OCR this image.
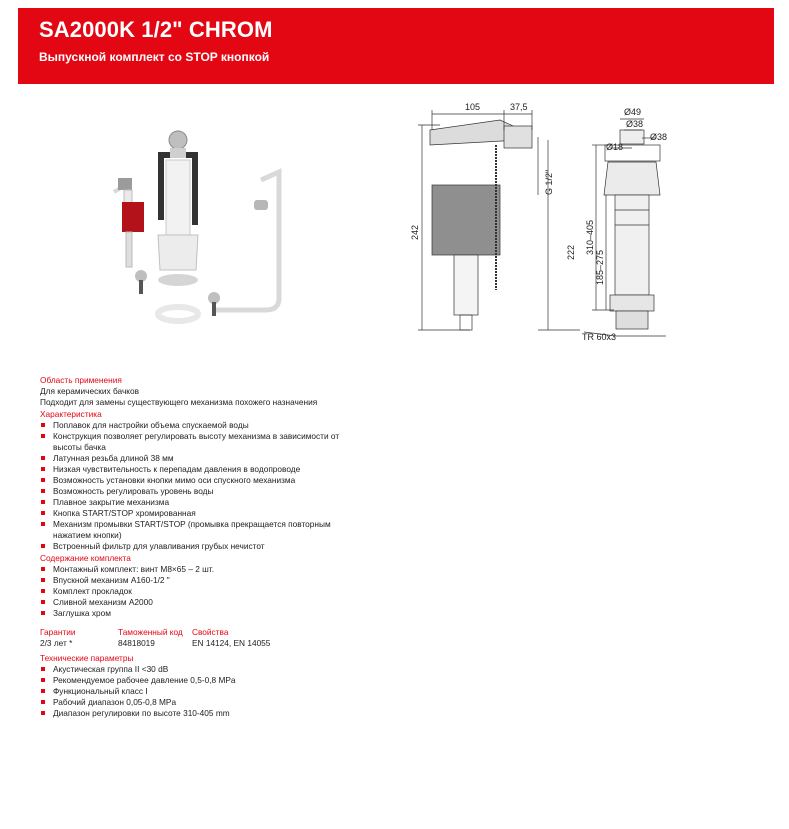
SA2000K 1/2" CHROM
Выпускной комплект со STOP кнопкой
105	37,5
242
G 1/2"
222
Ø49
Ø38
Ø38
Ø18
310–405
185–275
TR 60x3
Область применения
Для керамических бачков
Подходит для замены существующего механизма похожего назначения
Характеристика
Поплавок для настройки объема спускаемой воды
Конструкция позволяет регулировать высоту механизма в зависимости от
высоты бачка
Латунная резьба длиной 38 мм
Низкая чувствительность к перепадам давления в водопроводе
Возможность установки кнопки мимо оси спускного механизма
Возможность регулировать уровень воды
Плавное закрытие механизма
Кнопка START/STOP хромированная
Механизм промывки START/STOP (промывка прекращается повторным
нажатием кнопки)
Встроенный фильтр для улавливания грубых нечистот
Содержание комплекта
Монтажный комплект: винт M8×65 – 2 шт.
Впускной механизм A160-1/2 "
Комплект прокладок
Сливной механизм A2000
Заглушка хром
Гарантии	Таможенный код	Свойства
2/3 лет *	84818019	EN 14124, EN 14055
Технические параметры
Акустическая группа II <30 dB
Рекомендуемое рабочее давление 0,5-0,8 MPa
Функциональный класс I
Рабочий диапазон 0,05-0,8 MPa
Диапазон регулировки по высоте 310-405 mm
